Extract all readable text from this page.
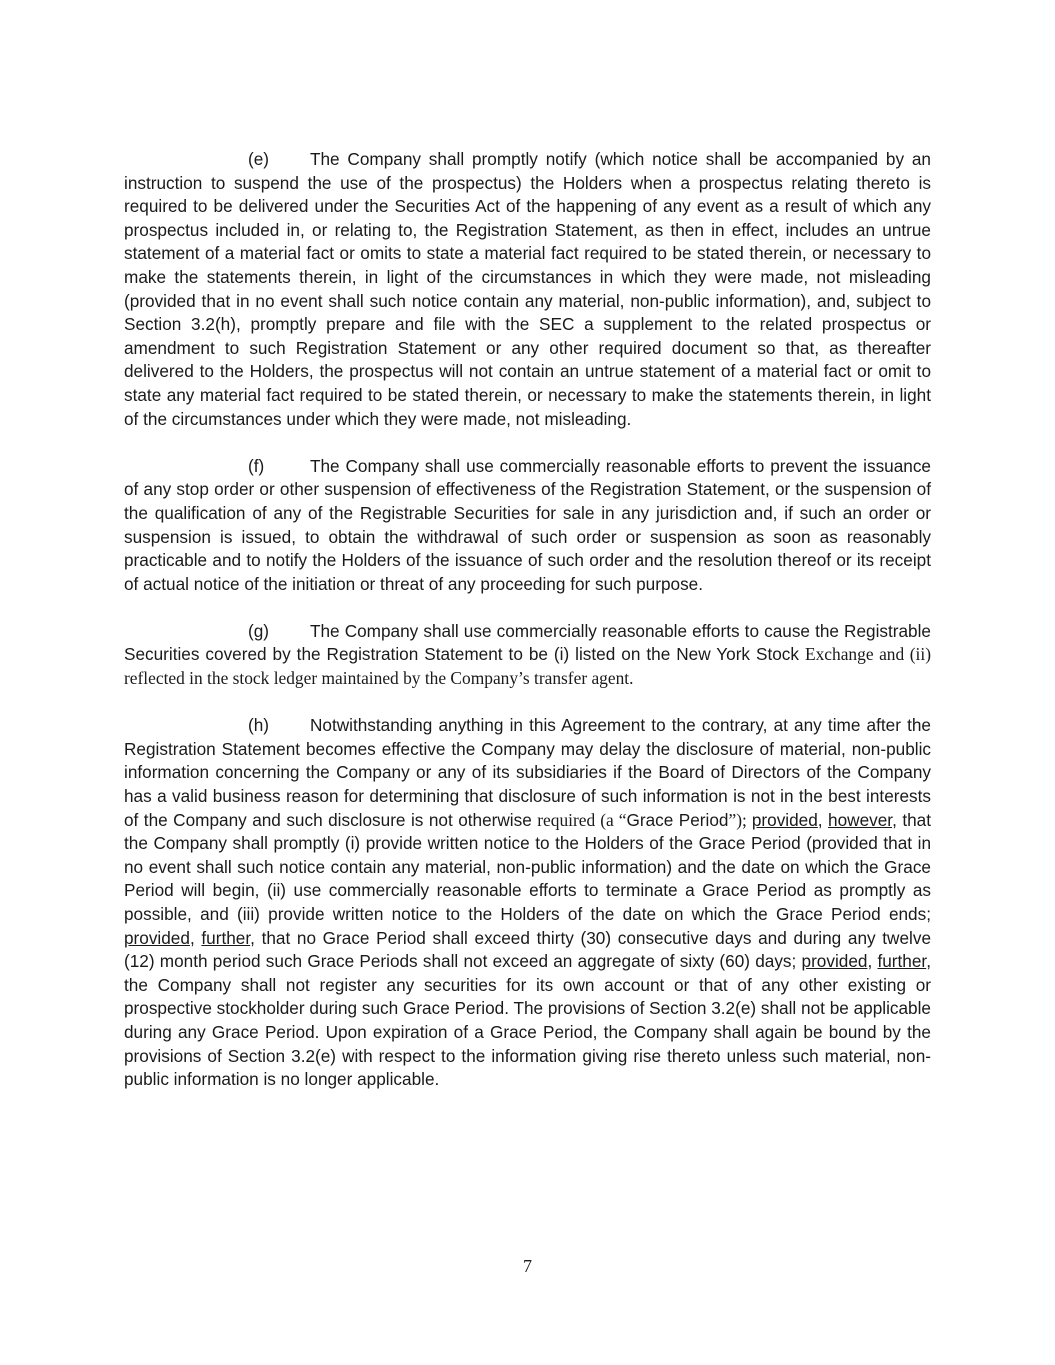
(e) The Company shall promptly notify (which notice shall be accompanied by an instruction to suspend the use of the prospectus) the Holders when a prospectus relating thereto is required to be delivered under the Securities Act of the happening of any event as a result of which any prospectus included in, or relating to, the Registration Statement, as then in effect, includes an untrue statement of a material fact or omits to state a material fact required to be stated therein, or necessary to make the statements therein, in light of the circumstances in which they were made, not misleading (provided that in no event shall such notice contain any material, non-public information), and, subject to Section 3.2(h), promptly prepare and file with the SEC a supplement to the related prospectus or amendment to such Registration Statement or any other required document so that, as thereafter delivered to the Holders, the prospectus will not contain an untrue statement of a material fact or omit to state any material fact required to be stated therein, or necessary to make the statements therein, in light of the circumstances under which they were made, not misleading.

(f)	The Company shall use commercially reasonable efforts to prevent the issuance of any stop order or other suspension of effectiveness of the Registration Statement, or the suspension of the qualification of any of the Registrable Securities for sale in any jurisdiction and, if such an order or suspension is issued, to obtain the withdrawal of such order or suspension as soon as reasonably practicable and to notify the Holders of the issuance of such order and the resolution thereof or its receipt of actual notice of the initiation or threat of any proceeding for such purpose.

(g) The Company shall use commercially reasonable efforts to cause the Registrable Securities covered by the Registration Statement to be (i) listed on the New York Stock Exchange and (ii) reflected in the stock ledger maintained by the Company’s transfer agent.

(h) Notwithstanding anything in this Agreement to the contrary, at any time after the Registration Statement becomes effective the Company may delay the disclosure of material, non-public information concerning the Company or any of its subsidiaries if the Board of Directors of the Company has a valid business reason for determining that disclosure of such information is not in the best interests of the Company and such disclosure is not otherwise required (a “Grace Period”); provided, however, that the Company shall promptly (i) provide written notice to the Holders of the Grace Period (provided that in no event shall such notice contain any material, non-public information) and the date on which the Grace Period will begin, (ii) use commercially reasonable efforts to terminate a Grace Period as promptly as possible, and (iii) provide written notice to the Holders of the date on which the Grace Period ends; provided, further, that no Grace Period shall exceed thirty (30) consecutive days and during any twelve (12) month period such Grace Periods shall not exceed an aggregate of sixty (60) days; provided, further, the Company shall not register any securities for its own account or that of any other existing or prospective stockholder during such Grace Period. The provisions of Section 3.2(e) shall not be applicable during any Grace Period. Upon expiration of a Grace Period, the Company shall again be bound by the provisions of Section 3.2(e) with respect to the information giving rise thereto unless such material, non-public information is no longer applicable.

7
